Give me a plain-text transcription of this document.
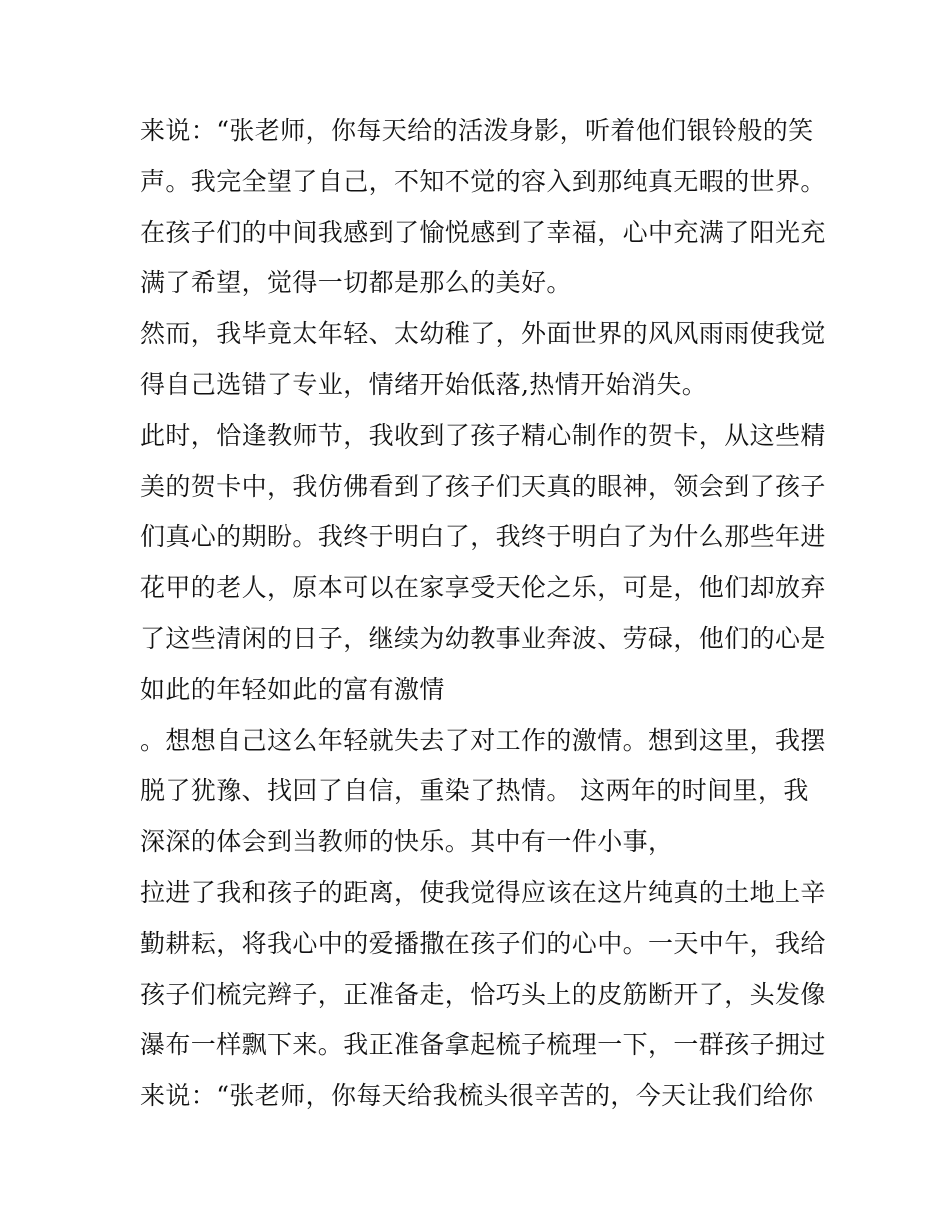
来说：“张老师，你每天给的活泼身影，听着他们银铃般的笑
声。我完全望了自己，不知不觉的容入到那纯真无暇的世界。
在孩子们的中间我感到了愉悦感到了幸福，心中充满了阳光充
满了希望，觉得一切都是那么的美好。
然而，我毕竟太年轻、太幼稚了，外面世界的风风雨雨使我觉
得自己选错了专业，情绪开始低落,热情开始消失。
此时，恰逢教师节，我收到了孩子精心制作的贺卡，从这些精
美的贺卡中，我仿佛看到了孩子们天真的眼神，领会到了孩子
们真心的期盼。我终于明白了，我终于明白了为什么那些年进
花甲的老人，原本可以在家享受天伦之乐，可是，他们却放弃
了这些清闲的日子，继续为幼教事业奔波、劳碌，他们的心是
如此的年轻如此的富有激情
。想想自己这么年轻就失去了对工作的激情。想到这里，我摆
脱了犹豫、找回了自信，重染了热情。 这两年的时间里，我
深深的体会到当教师的快乐。其中有一件小事，
拉进了我和孩子的距离，使我觉得应该在这片纯真的土地上辛
勤耕耘，将我心中的爱播撒在孩子们的心中。一天中午，我给
孩子们梳完辫子，正准备走，恰巧头上的皮筋断开了，头发像
瀑布一样飘下来。我正准备拿起梳子梳理一下，一群孩子拥过
来说：“张老师，你每天给我梳头很辛苦的，今天让我们给你
